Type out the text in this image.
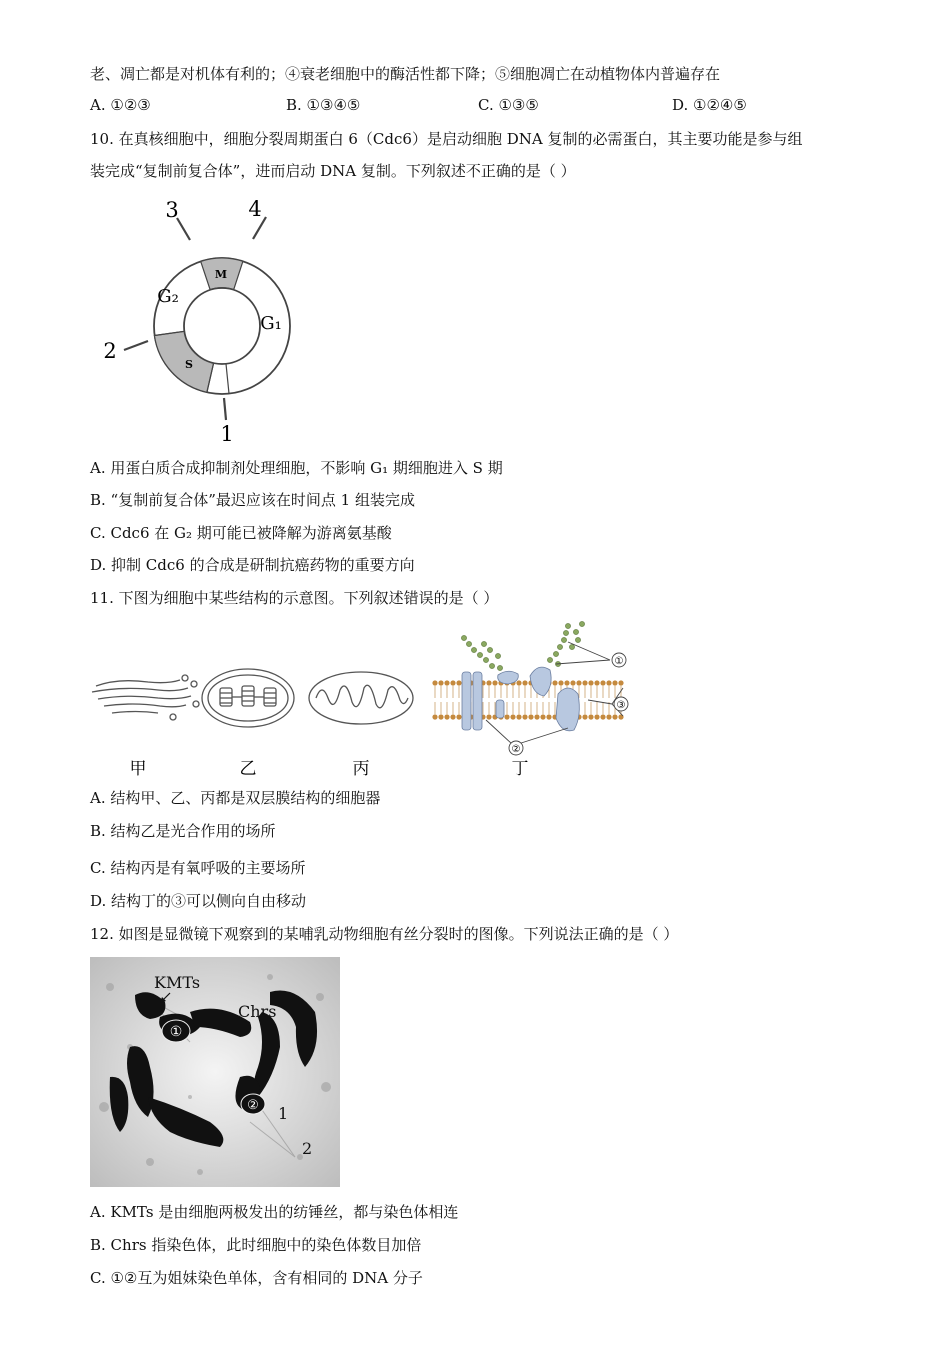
老、凋亡都是对机体有利的；④衰老细胞中的酶活性都下降；⑤细胞凋亡在动植物体内普遍存在
A. ①②③	B. ①③④⑤	C. ①③⑤	D. ①②④⑤
10. 在真核细胞中，细胞分裂周期蛋白 6（Cdc6）是启动细胞 DNA 复制的必需蛋白，其主要功能是参与组
装完成“复制前复合体”，进而启动 DNA 复制。下列叙述不正确的是（ ）
3	4
2
1
M
G₂
G₁
S
A. 用蛋白质合成抑制剂处理细胞，不影响 G₁ 期细胞进入 S 期
B. “复制前复合体”最迟应该在时间点 1 组装完成
C. Cdc6 在 G₂ 期可能已被降解为游离氨基酸
D. 抑制 Cdc6 的合成是研制抗癌药物的重要方向
11. 下图为细胞中某些结构的示意图。下列叙述错误的是（ ）
①
③
②
甲	乙	丙	丁
A. 结构甲、乙、丙都是双层膜结构的细胞器
B. 结构乙是光合作用的场所
C. 结构丙是有氧呼吸的主要场所
D. 结构丁的③可以侧向自由移动
12. 如图是显微镜下观察到的某哺乳动物细胞有丝分裂时的图像。下列说法正确的是（ ）
①
②
KMTs
Chrs
1
2
A. KMTs 是由细胞两极发出的纺锤丝，都与染色体相连
B. Chrs 指染色体，此时细胞中的染色体数目加倍
C. ①②互为姐妹染色单体，含有相同的 DNA 分子
